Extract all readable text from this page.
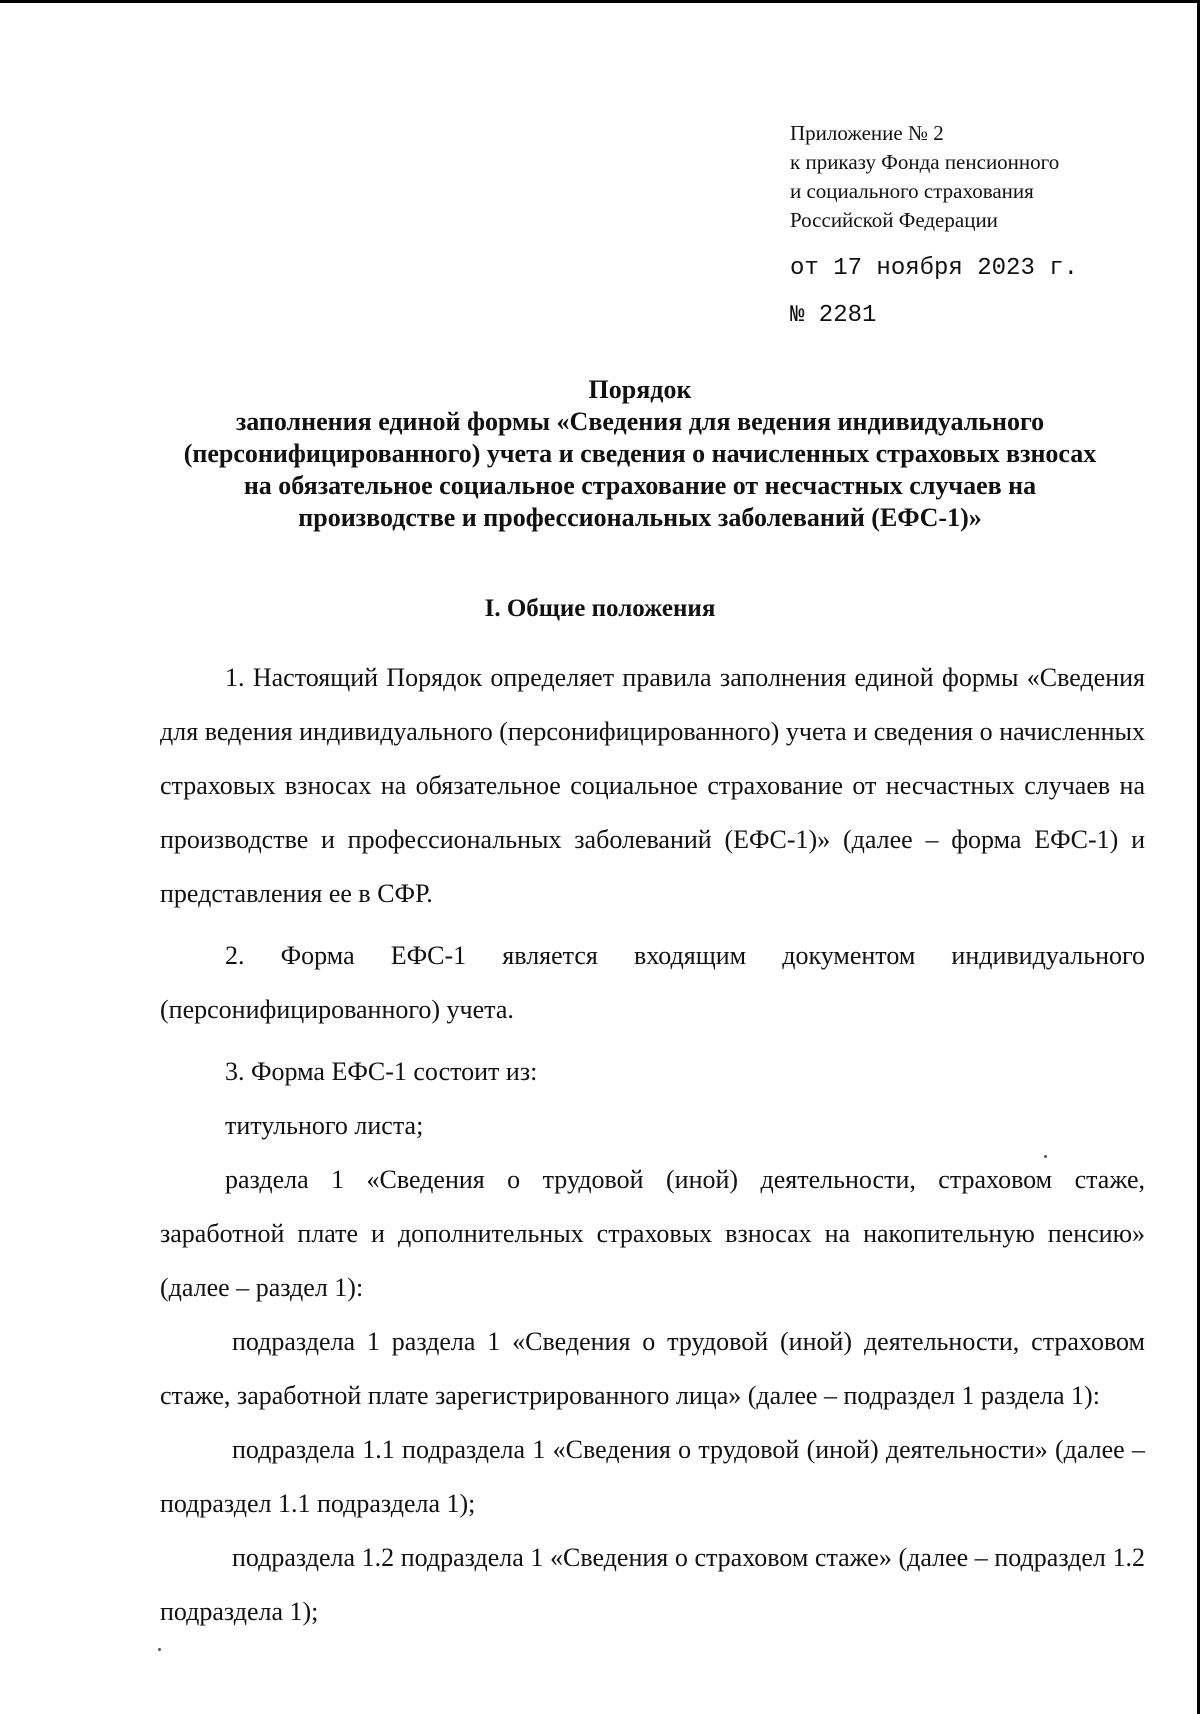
Приложение № 2
к приказу Фонда пенсионного
и социального страхования
Российской Федерации
от 17 ноября 2023 г.
№ 2281
Порядок
заполнения единой формы «Сведения для ведения индивидуального
(персонифицированного) учета и сведения о начисленных страховых взносах
на обязательное социальное страхование от несчастных случаев на
производстве и профессиональных заболеваний (ЕФС-1)»
I. Общие положения

1. Настоящий Порядок определяет правила заполнения единой формы «Сведения для ведения индивидуального (персонифицированного) учета и сведения о начисленных страховых взносах на обязательное социальное страхование от несчастных случаев на производстве и профессиональных заболеваний (ЕФС-1)» (далее – форма ЕФС-1) и представления ее в СФР.

2. Форма ЕФС-1 является входящим документом индивидуального (персонифицированного) учета.

3. Форма ЕФС-1 состоит из:

титульного листа;

раздела 1 «Сведения о трудовой (иной) деятельности, страховом стаже, заработной плате и дополнительных страховых взносах на накопительную пенсию» (далее – раздел 1):

подраздела 1 раздела 1 «Сведения о трудовой (иной) деятельности, страховом стаже, заработной плате зарегистрированного лица» (далее – подраздел 1 раздела 1):

подраздела 1.1 подраздела 1 «Сведения о трудовой (иной) деятельности» (далее – подраздел 1.1 подраздела 1);

подраздела 1.2 подраздела 1 «Сведения о страховом стаже» (далее – подраздел 1.2 подраздела 1);
